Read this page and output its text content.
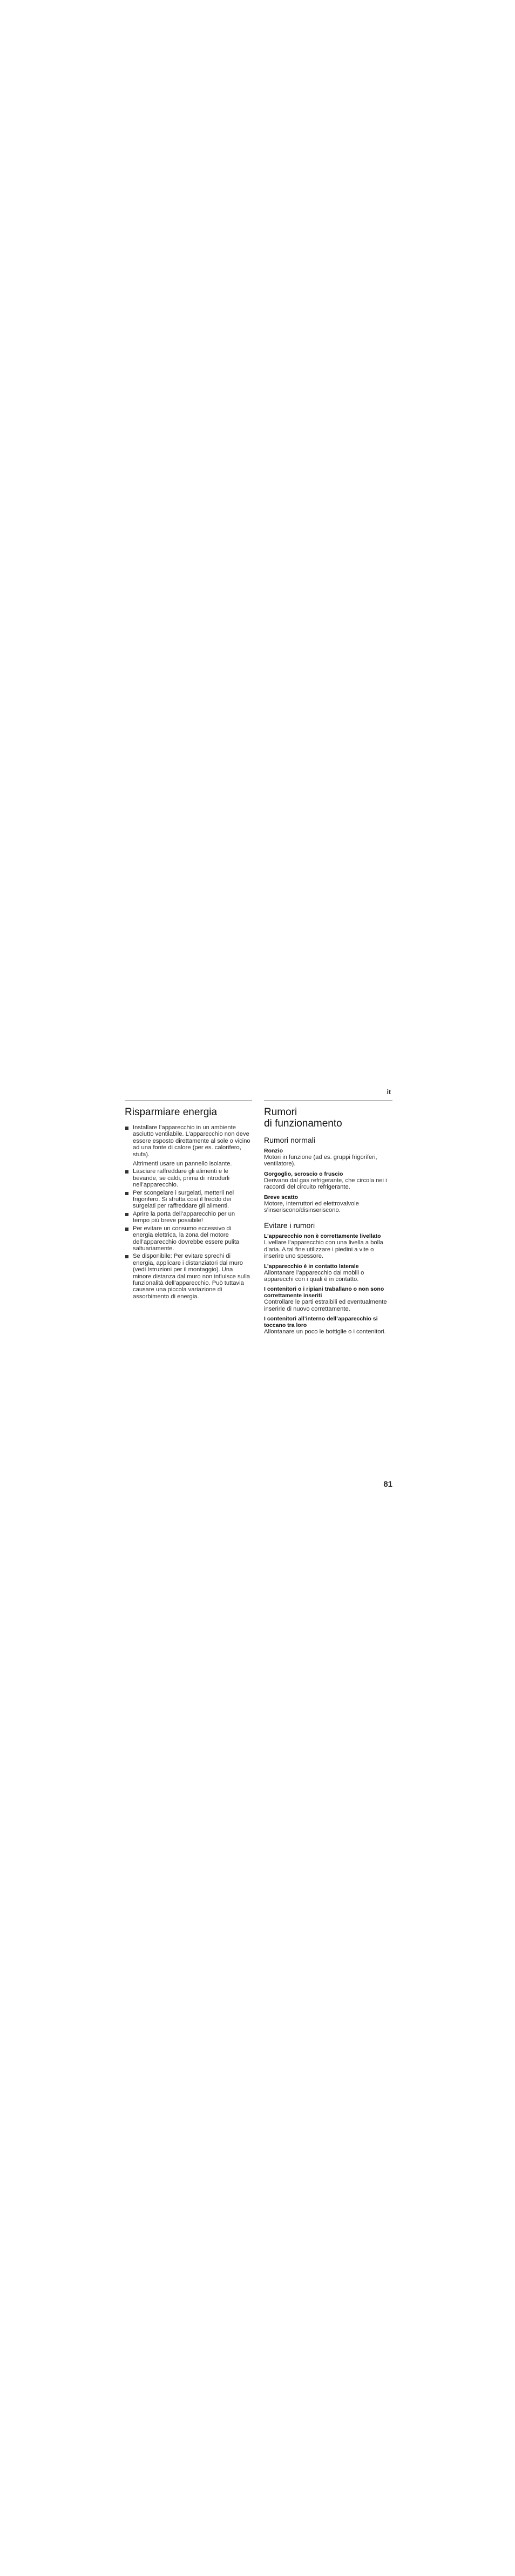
it
Risparmiare energia

Installare l’apparecchio in un ambiente asciutto ventilabile. L’apparecchio non deve essere esposto direttamente al sole o vicino ad una fonte di calore (per es. calorifero, stufa).

Altrimenti usare un pannello isolante.

Lasciare raffreddare gli alimenti e le bevande, se caldi, prima di introdurli nell’apparecchio.
Per scongelare i surgelati, metterli nel frigorifero. Si sfrutta così il freddo dei surgelati per raffreddare gli alimenti.
Aprire la porta dell’apparecchio per un tempo più breve possibile!
Per evitare un consumo eccessivo di energia elettrica, la zona del motore dell’apparecchio dovrebbe essere pulita saltuariamente.
Se disponibile: Per evitare sprechi di energia, applicare i distanziatori dal muro (vedi Istruzioni per il montaggio). Una minore distanza dal muro non influisce sulla funzionalità dell’apparecchio. Può tuttavia causare una piccola variazione di assorbimento di energia.
Rumori
di funzionamento
Rumori normali
Ronzio

Motori in funzione (ad es. gruppi frigoriferi, ventilatore).

Gorgoglio, scroscio o fruscio

Derivano dal gas refrigerante, che circola nei i raccordi del circuito refrigerante.

Breve scatto

Motore, interruttori ed elettrovalvole s’inseriscono/disinseriscono.

Evitare i rumori
L’apparecchio non è correttamente livellato

Livellare l’apparecchio con una livella a bolla d’aria. A tal fine utilizzare i piedini a vite o inserire uno spessore.

L’apparecchio è in contatto laterale

Allontanare l’apparecchio dai mobili o apparecchi con i quali è in contatto.

I contenitori o i ripiani traballano o non sono correttamente inseriti

Controllare le parti estraibili ed eventualmente inserirle di nuovo correttamente.

I contenitori all’interno dell’apparecchio si toccano tra loro

Allontanare un poco le bottiglie o i contenitori.

81
